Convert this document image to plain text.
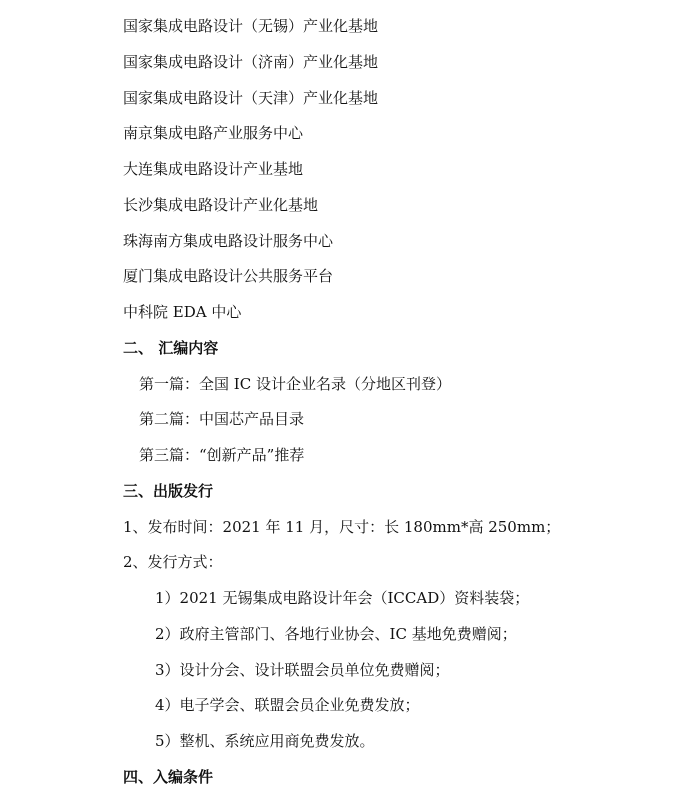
国家集成电路设计（无锡）产业化基地
国家集成电路设计（济南）产业化基地
国家集成电路设计（天津）产业化基地
南京集成电路产业服务中心
大连集成电路设计产业基地
长沙集成电路设计产业化基地
珠海南方集成电路设计服务中心
厦门集成电路设计公共服务平台
中科院 EDA 中心
二、 汇编内容
第一篇：全国 IC 设计企业名录（分地区刊登）
第二篇：中国芯产品目录
第三篇：“创新产品”推荐
三、出版发行
1、发布时间：2021 年 11 月，尺寸：长 180mm*高 250mm；
2、发行方式：
1）2021 无锡集成电路设计年会（ICCAD）资料装袋；
2）政府主管部门、各地行业协会、IC 基地免费赠阅；
3）设计分会、设计联盟会员单位免费赠阅；
4）电子学会、联盟会员企业免费发放；
5）整机、系统应用商免费发放。
四、入编条件
